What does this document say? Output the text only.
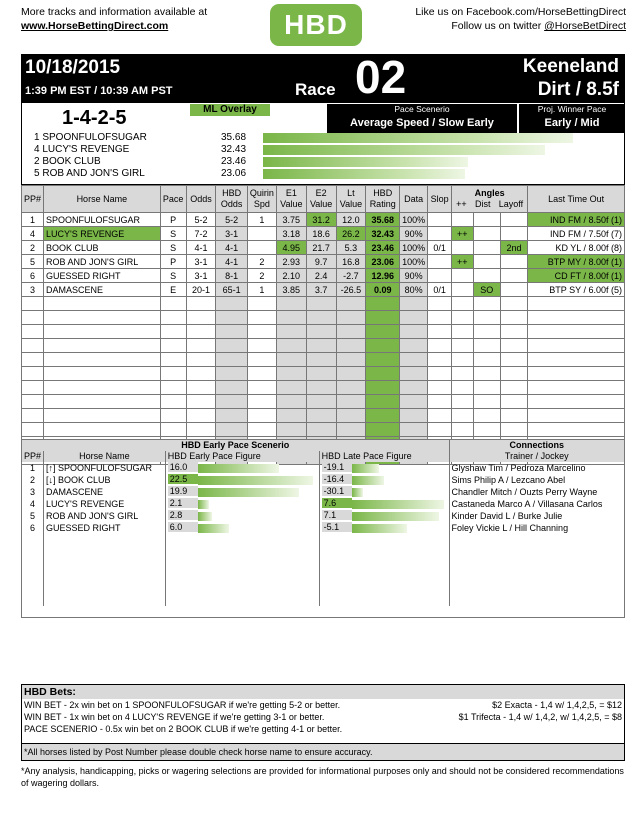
More tracks and information available at
www.HorseBettingDirect.com	HBD	Like us on Facebook.com/HorseBettingDirect
Follow us on twitter @HorseBetDirect
10/18/2015
1:39 PM EST / 10:39 AM PST	Race 02	Keeneland
Dirt / 8.5f
1-4-2-5	ML Overlay	Pace Scenerio
Average Speed / Slow Early
Proj. Winner Pace
Early / Mid
1 SPOONFULOFSUGAR	35.68
4 LUCY'S REVENGE	32.43
2 BOOK CLUB	23.46
5 ROB AND JON'S GIRL	23.06
PP#	Horse Name	Pace	Odds	HBD Odds	Quirin Spd	E1 Value	E2 Value	Lt Value	HBD Rating	Data	Slop	Angles
++ Dist Layoff			Last Time Out
1	SPOONFULOFSUGAR	P	5-2	5-2	1	3.75	31.2	12.0	35.68	100%					IND FM / 8.50f (1)
4	LUCY'S REVENGE	S	7-2	3-1		3.18	18.6	26.2	32.43	90%		++			IND FM / 7.50f (7)
2	BOOK CLUB	S	4-1	4-1		4.95	21.7	5.3	23.46	100%	0/1			2nd	KD YL / 8.00f (8)
5	ROB AND JON'S GIRL	P	3-1	4-1	2	2.93	9.7	16.8	23.06	100%		++			BTP MY / 8.00f (1)
6	GUESSED RIGHT	S	3-1	8-1	2	2.10	2.4	-2.7	12.96	90%					CD FT / 8.00f (1)
3	DAMASCENE	E	20-1	65-1	1	3.85	3.7	-26.5	0.09	80%	0/1		SO		BTP SY / 6.00f (5)

HBD Early Pace Scenerio				Connections
PP#	Horse Name	HBD Early Pace Figure	HBD Late Pace Figure	Trainer / Jockey
1	[↑] SPOONFULOFSUGAR	16.0	-19.1	Glyshaw Tim / Pedroza Marcelino
2	[↓] BOOK CLUB	22.5	-16.4	Sims Philip A / Lezcano Abel
3	DAMASCENE	19.9	-30.1	Chandler Mitch / Ouzts Perry Wayne
4	LUCY'S REVENGE	2.1	7.6	Castaneda Marco A / Villasana Carlos
5	ROB AND JON'S GIRL	2.8	7.1	Kinder David L / Burke Julie
6	GUESSED RIGHT	6.0	-5.1	Foley Vickie L / Hill Channing

HBD Bets:
WIN BET - 2x win bet on 1 SPOONFULOFSUGAR if we're getting 5-2 or better.	$2 Exacta - 1,4 w/ 1,4,2,5, = $12
WIN BET - 1x win bet on 4 LUCY'S REVENGE if we're getting 3-1 or better.	$1 Trifecta - 1,4 w/ 1,4,2, w/ 1,4,2,5, = $8
PACE SCENERIO - 0.5x win bet on 2 BOOK CLUB if we're getting 4-1 or better.
*All horses listed by Post Number please double check horse name to ensure accuracy.
*Any analysis, handicapping, picks or wagering selections are provided for informational purposes only and should not be considered recommendations of wagering dollars.
